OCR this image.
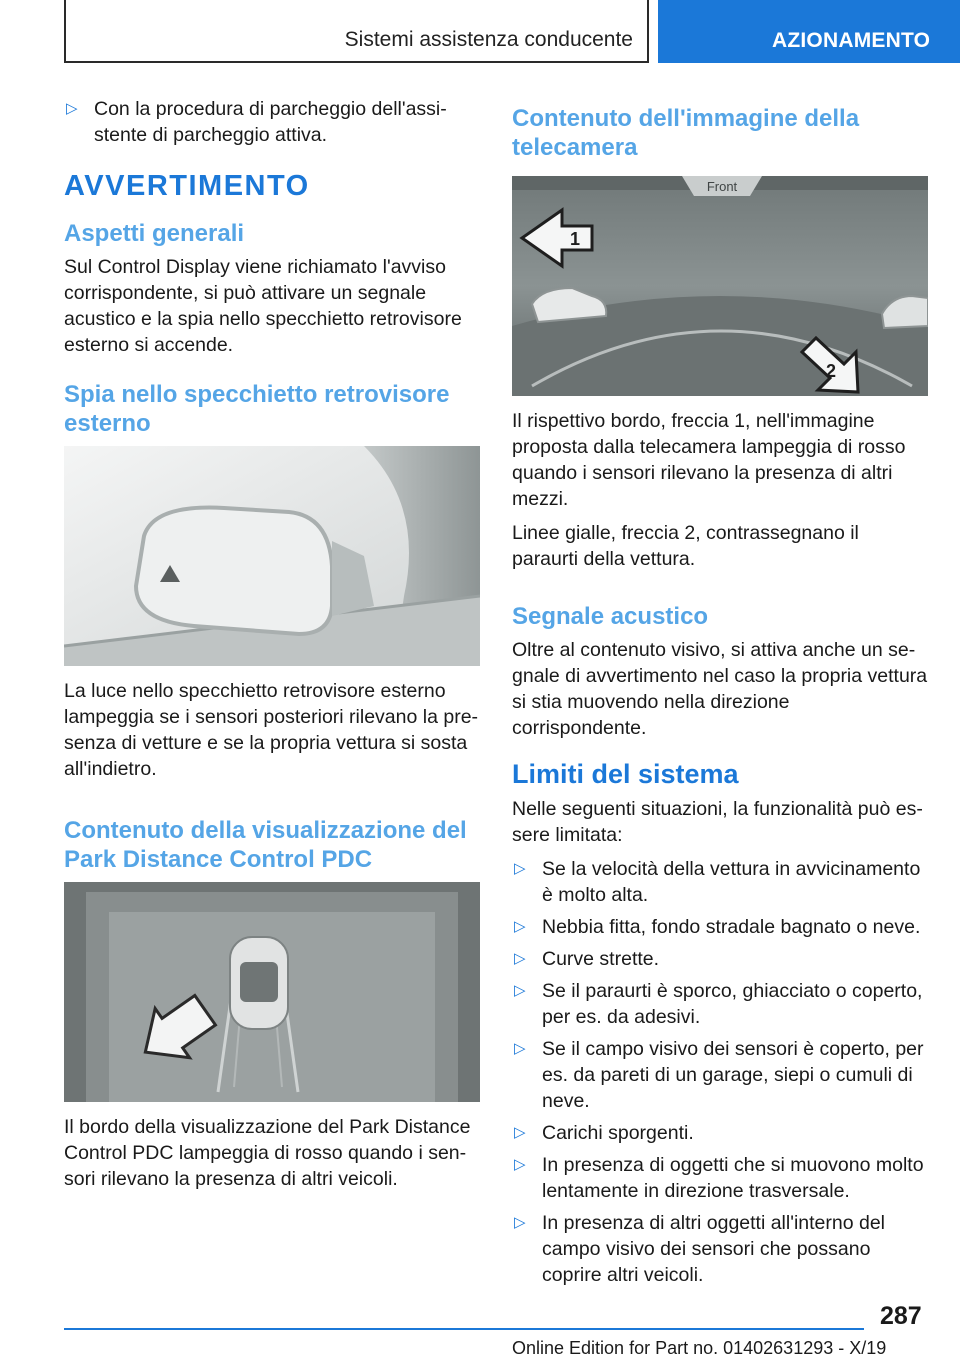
Sistemi assistenza conducente	AZIONAMENTO
▷ Con la procedura di parcheggio dell'assistente di parcheggio attiva.
AVVERTIMENTO
Aspetti generali

Sul Control Display viene richiamato l'avviso corrispondente, si può attivare un segnale acustico e la spia nello specchietto retrovisore esterno si accende.

Spia nello specchietto retrovisore esterno

La luce nello specchietto retrovisore esterno lampeggia se i sensori posteriori rilevano la presenza di vetture e se la propria vettura si sosta all'indietro.

Contenuto della visualizzazione del Park Distance Control PDC

Il bordo della visualizzazione del Park Distance Control PDC lampeggia di rosso quando i sensori rilevano la presenza di altri veicoli.

Contenuto dell'immagine della telecamera
Front
1
2

Il rispettivo bordo, freccia 1, nell'immagine proposta dalla telecamera lampeggia di rosso quando i sensori rilevano la presenza di altri mezzi.

Linee gialle, freccia 2, contrassegnano il paraurti della vettura.

Segnale acustico

Oltre al contenuto visivo, si attiva anche un segnale di avvertimento nel caso la propria vettura si stia muovendo nella direzione corrispondente.

Limiti del sistema

Nelle seguenti situazioni, la funzionalità può essere limitata:

▷ Se la velocità della vettura in avvicinamento è molto alta.
▷ Nebbia fitta, fondo stradale bagnato o neve.
▷ Curve strette.
▷ Se il paraurti è sporco, ghiacciato o coperto, per es. da adesivi.
▷ Se il campo visivo dei sensori è coperto, per es. da pareti di un garage, siepi o cumuli di neve.
▷ Carichi sporgenti.
▷ In presenza di oggetti che si muovono molto lentamente in direzione trasversale.
▷ In presenza di altri oggetti all'interno del campo visivo dei sensori che possano coprire altri veicoli.
287
Online Edition for Part no. 01402631293 - X/19
